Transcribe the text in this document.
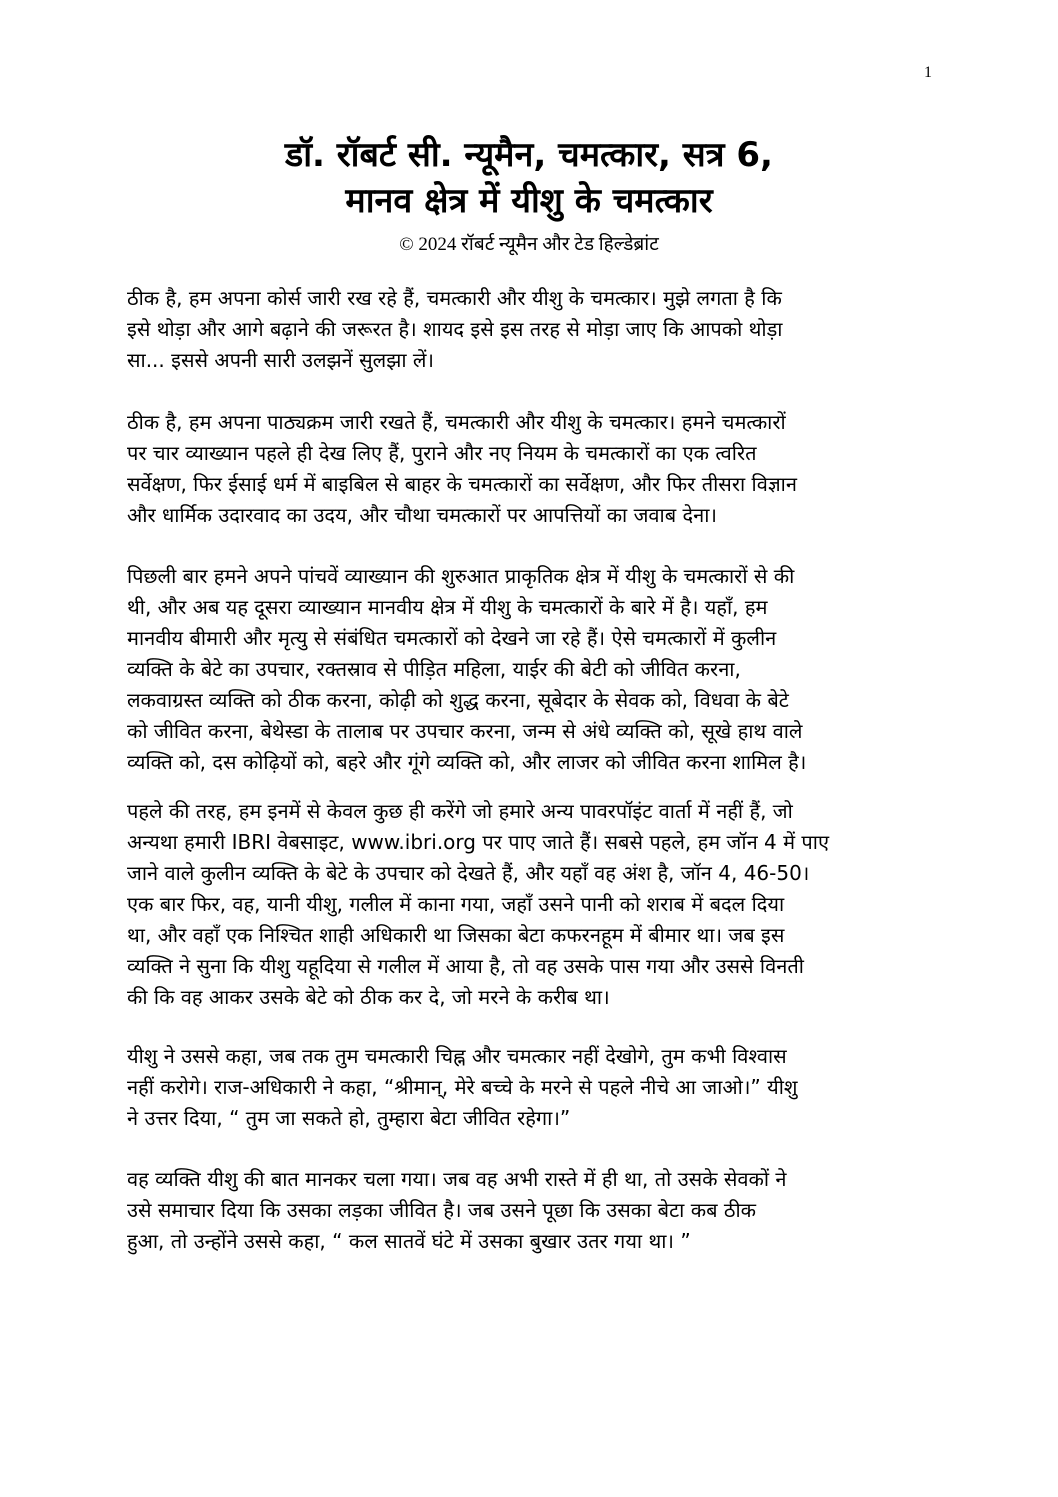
1
डॉ. रॉबर्ट सी. न्यूमैन, चमत्कार, सत्र 6,
मानव क्षेत्र में यीशु के चमत्कार
© 2024 रॉबर्ट न्यूमैन और टेड हिल्डेब्रांट
ठीक है, हम अपना कोर्स जारी रख रहे हैं, चमत्कारी और यीशु के चमत्कार। मुझे लगता है कि
इसे थोड़ा और आगे बढ़ाने की जरूरत है। शायद इसे इस तरह से मोड़ा जाए कि आपको थोड़ा
सा... इससे अपनी सारी उलझनें सुलझा लें।
ठीक है, हम अपना पाठ्यक्रम जारी रखते हैं, चमत्कारी और यीशु के चमत्कार। हमने चमत्कारों
पर चार व्याख्यान पहले ही देख लिए हैं, पुराने और नए नियम के चमत्कारों का एक त्वरित
सर्वेक्षण, फिर ईसाई धर्म में बाइबिल से बाहर के चमत्कारों का सर्वेक्षण, और फिर तीसरा विज्ञान
और धार्मिक उदारवाद का उदय, और चौथा चमत्कारों पर आपत्तियों का जवाब देना।
पिछली बार हमने अपने पांचवें व्याख्यान की शुरुआत प्राकृतिक क्षेत्र में यीशु के चमत्कारों से की
थी, और अब यह दूसरा व्याख्यान मानवीय क्षेत्र में यीशु के चमत्कारों के बारे में है। यहाँ, हम
मानवीय बीमारी और मृत्यु से संबंधित चमत्कारों को देखने जा रहे हैं। ऐसे चमत्कारों में कुलीन
व्यक्ति के बेटे का उपचार, रक्तस्राव से पीड़ित महिला, याईर की बेटी को जीवित करना,
लकवाग्रस्त व्यक्ति को ठीक करना, कोढ़ी को शुद्ध करना, सूबेदार के सेवक को, विधवा के बेटे
को जीवित करना, बेथेस्डा के तालाब पर उपचार करना, जन्म से अंधे व्यक्ति को, सूखे हाथ वाले
व्यक्ति को, दस कोढ़ियों को, बहरे और गूंगे व्यक्ति को, और लाजर को जीवित करना शामिल है।
पहले की तरह, हम इनमें से केवल कुछ ही करेंगे जो हमारे अन्य पावरपॉइंट वार्ता में नहीं हैं, जो
अन्यथा हमारी IBRI वेबसाइट, www.ibri.org पर पाए जाते हैं। सबसे पहले, हम जॉन 4 में पाए
जाने वाले कुलीन व्यक्ति के बेटे के उपचार को देखते हैं, और यहाँ वह अंश है, जॉन 4, 46-50।
एक बार फिर, वह, यानी यीशु, गलील में काना गया, जहाँ उसने पानी को शराब में बदल दिया
था, और वहाँ एक निश्चित शाही अधिकारी था जिसका बेटा कफरनहूम में बीमार था। जब इस
व्यक्ति ने सुना कि यीशु यहूदिया से गलील में आया है, तो वह उसके पास गया और उससे विनती
की कि वह आकर उसके बेटे को ठीक कर दे, जो मरने के करीब था।
यीशु ने उससे कहा, जब तक तुम चमत्कारी चिह्न और चमत्कार नहीं देखोगे, तुम कभी विश्वास
नहीं करोगे। राज-अधिकारी ने कहा, “श्रीमान्, मेरे बच्चे के मरने से पहले नीचे आ जाओ।” यीशु
ने उत्तर दिया, “ तुम जा सकते हो, तुम्हारा बेटा जीवित रहेगा।”
वह व्यक्ति यीशु की बात मानकर चला गया। जब वह अभी रास्ते में ही था, तो उसके सेवकों ने
उसे समाचार दिया कि उसका लड़का जीवित है। जब उसने पूछा कि उसका बेटा कब ठीक
हुआ, तो उन्होंने उससे कहा, “ कल सातवें घंटे में उसका बुखार उतर गया था। ”
